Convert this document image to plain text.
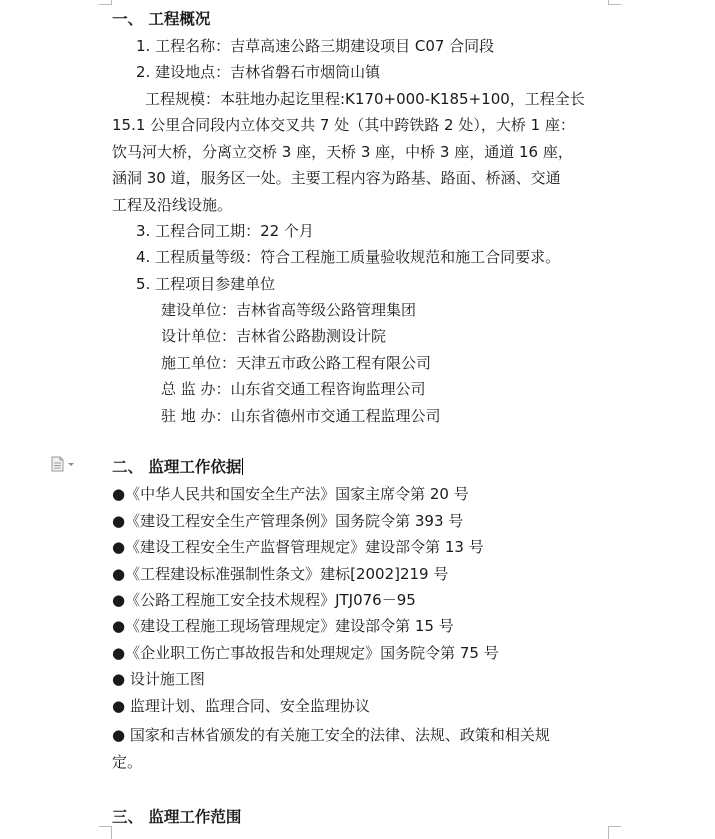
一、 工程概况
1. 工程名称：吉草高速公路三期建设项目 C07 合同段
2. 建设地点：吉林省磐石市烟筒山镇
工程规模：本驻地办起讫里程:K170+000-K185+100，工程全长
15.1 公里合同段内立体交叉共 7 处（其中跨铁路 2 处），大桥 1 座：
饮马河大桥，分离立交桥 3 座，天桥 3 座，中桥 3 座，通道 16 座，
涵洞 30 道，服务区一处。主要工程内容为路基、路面、桥涵、交通
工程及沿线设施。
3. 工程合同工期：22 个月
4. 工程质量等级：符合工程施工质量验收规范和施工合同要求。
5. 工程项目参建单位
建设单位：吉林省高等级公路管理集团
设计单位：吉林省公路勘测设计院
施工单位：天津五市政公路工程有限公司
总 监 办：山东省交通工程咨询监理公司
驻 地 办：山东省德州市交通工程监理公司
二、 监理工作依据
●《中华人民共和国安全生产法》国家主席令第 20 号
●《建设工程安全生产管理条例》国务院令第 393 号
●《建设工程安全生产监督管理规定》建设部令第 13 号
●《工程建设标准强制性条文》建标[2002]219 号
●《公路工程施工安全技术规程》JTJ076－95
●《建设工程施工现场管理规定》建设部令第 15 号
●《企业职工伤亡事故报告和处理规定》国务院令第 75 号
● 设计施工图
● 监理计划、监理合同、安全监理协议
● 国家和吉林省颁发的有关施工安全的法律、法规、政策和相关规
定。
三、 监理工作范围
